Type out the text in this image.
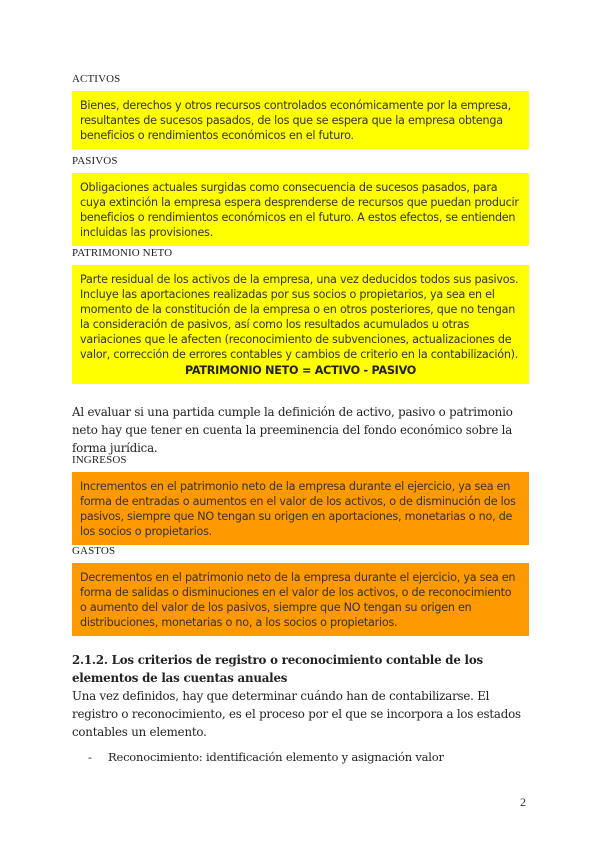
ACTIVOS
Bienes, derechos y otros recursos controlados económicamente por la empresa, resultantes de sucesos pasados, de los que se espera que la empresa obtenga beneficios o rendimientos económicos en el futuro.
PASIVOS
Obligaciones actuales surgidas como consecuencia de sucesos pasados, para cuya extinción la empresa espera desprenderse de recursos que puedan producir beneficios o rendimientos económicos en el futuro. A estos efectos, se entienden incluidas las provisiones.
PATRIMONIO NETO
Parte residual de los activos de la empresa, una vez deducidos todos sus pasivos. Incluye las aportaciones realizadas por sus socios o propietarios, ya sea en el momento de la constitución de la empresa o en otros posteriores, que no tengan la consideración de pasivos, así como los resultados acumulados u otras variaciones que le afecten (reconocimiento de subvenciones, actualizaciones de valor, corrección de errores contables y cambios de criterio en la contabilización).
PATRIMONIO NETO = ACTIVO - PASIVO
Al evaluar si una partida cumple la definición de activo, pasivo o patrimonio neto hay que tener en cuenta la preeminencia del fondo económico sobre la forma jurídica.
INGRESOS
Incrementos en el patrimonio neto de la empresa durante el ejercicio, ya sea en forma de entradas o aumentos en el valor de los activos, o de disminución de los pasivos, siempre que NO tengan su origen en aportaciones, monetarias o no, de los socios o propietarios.
GASTOS
Decrementos en el patrimonio neto de la empresa durante el ejercicio, ya sea en forma de salidas o disminuciones en el valor de los activos, o de reconocimiento o aumento del valor de los pasivos, siempre que NO tengan su origen en distribuciones, monetarias o no, a los socios o propietarios.
2.1.2. Los criterios de registro o reconocimiento contable de los elementos de las cuentas anuales
Una vez definidos, hay que determinar cuándo han de contabilizarse. El registro o reconocimiento, es el proceso por el que se incorpora a los estados contables un elemento.
- Reconocimiento: identificación elemento y asignación valor
2
